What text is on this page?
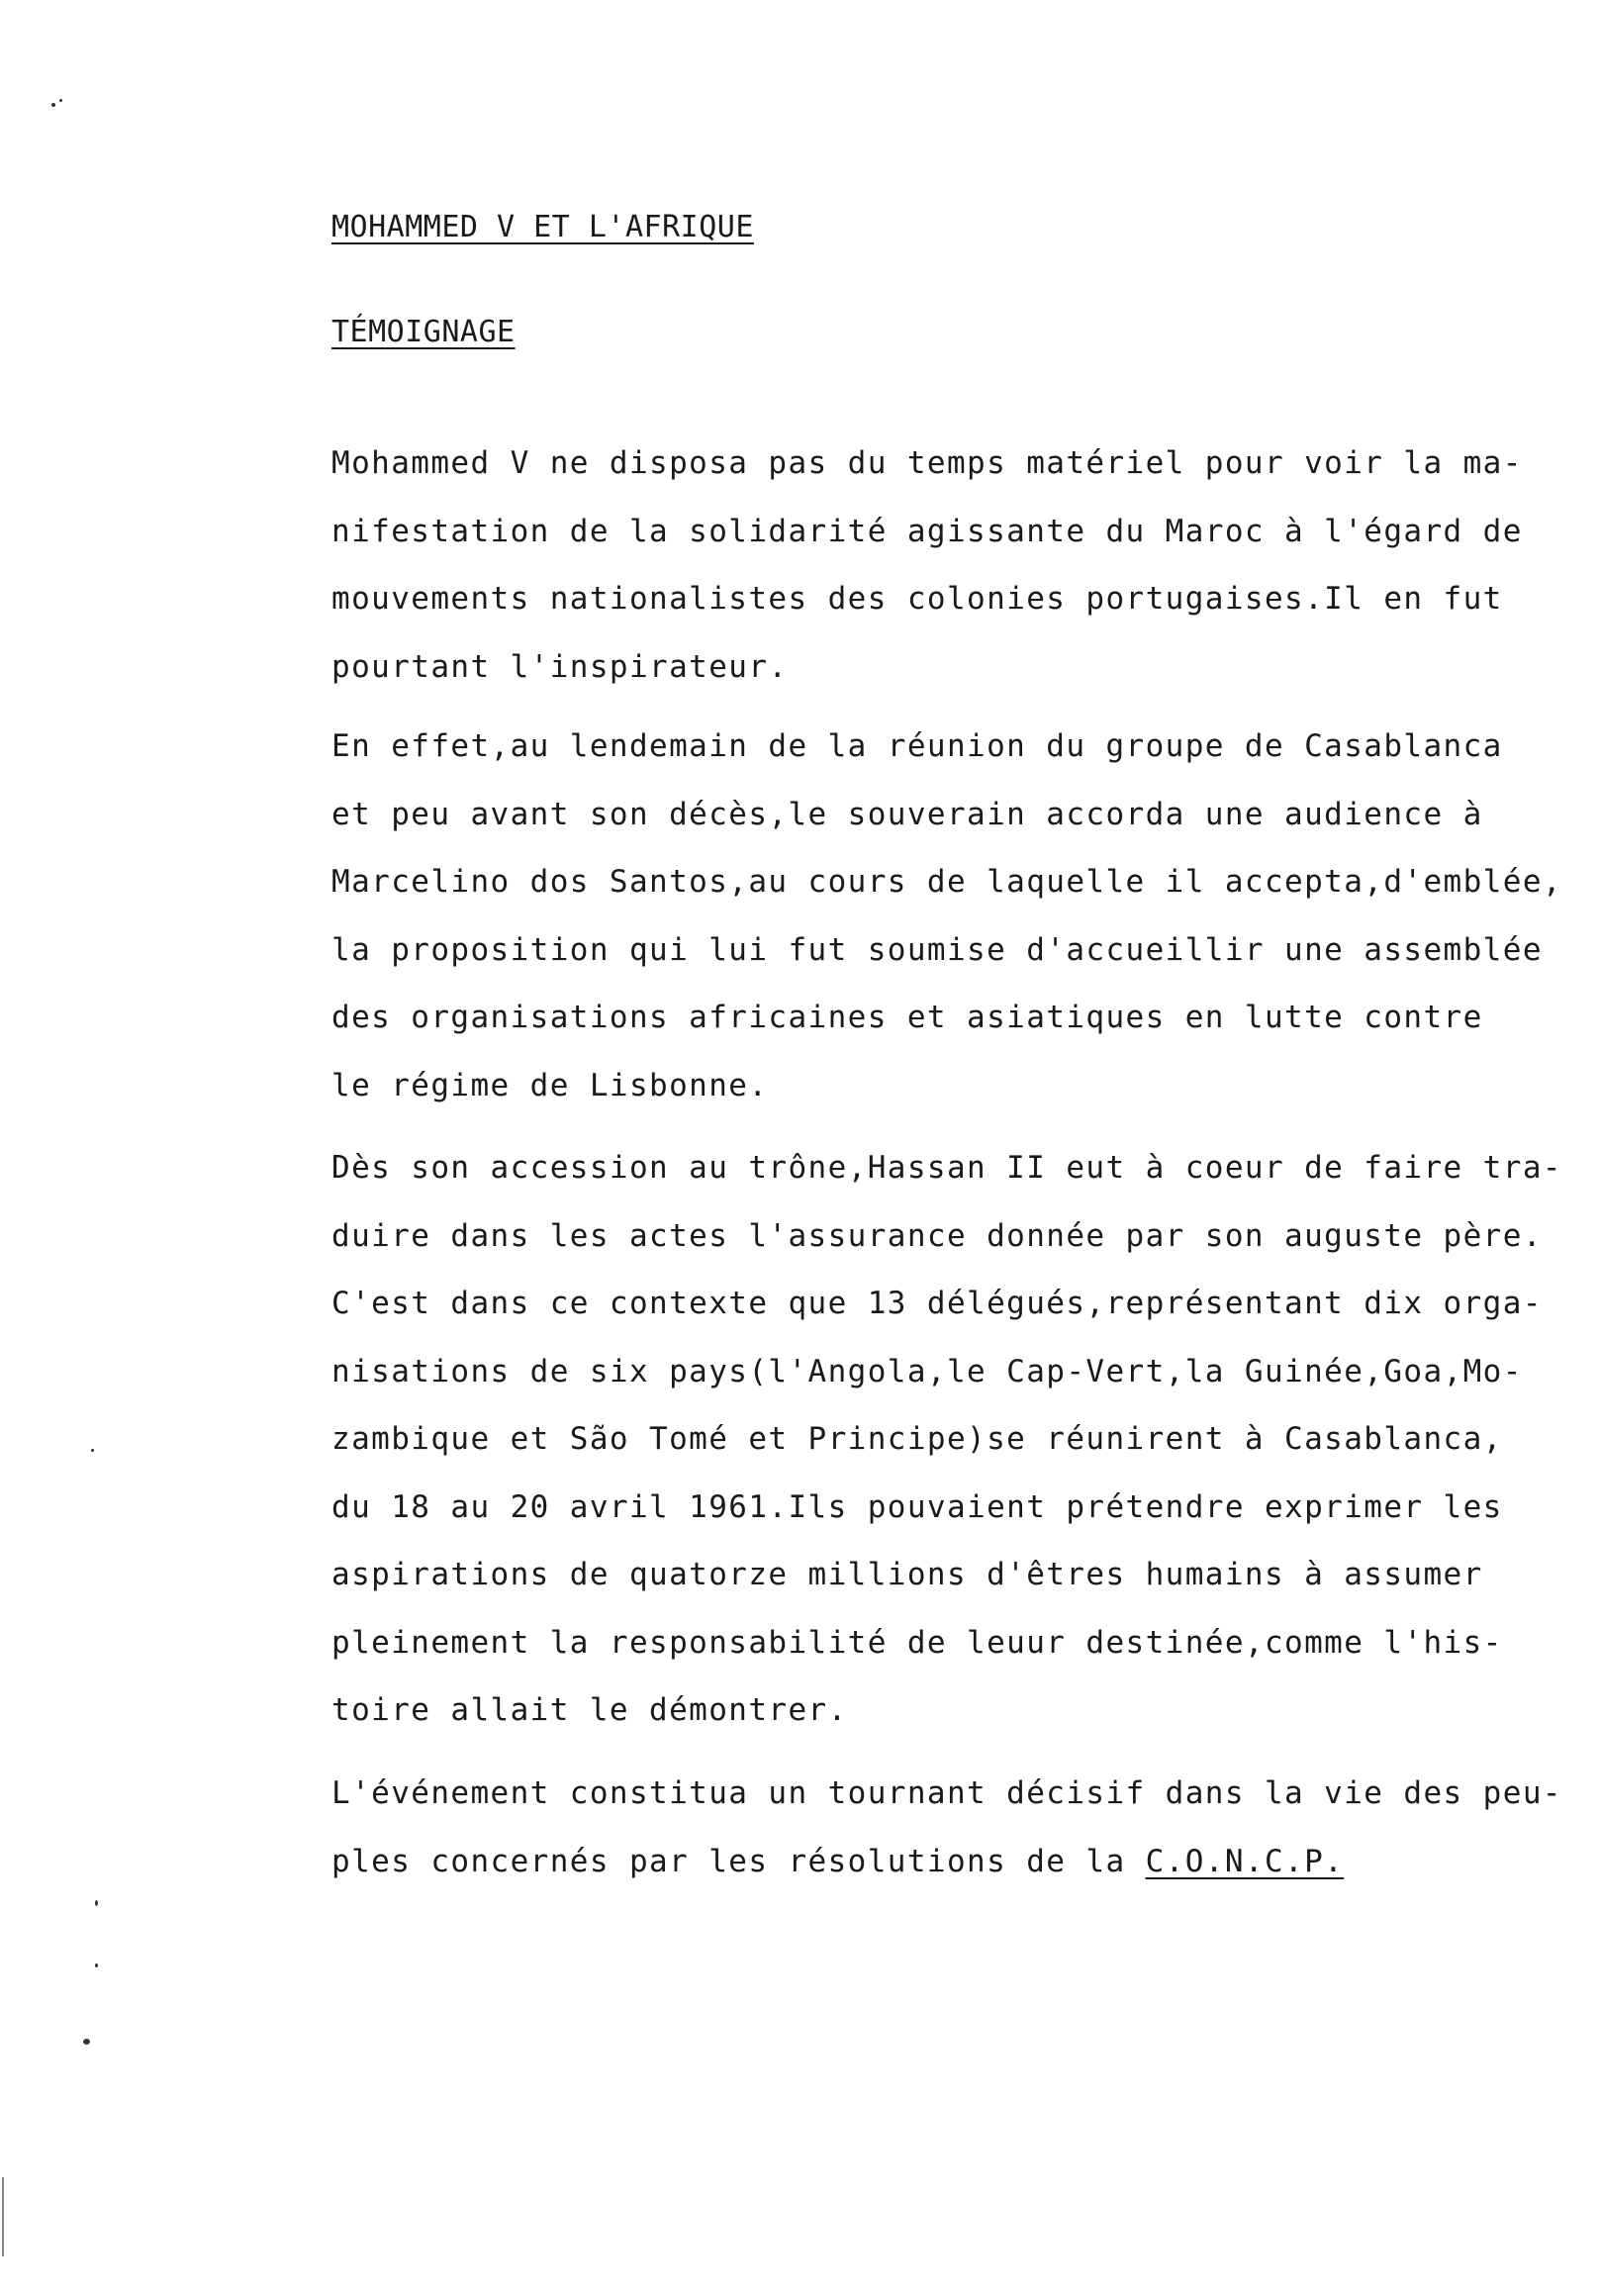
MOHAMMED V ET L'AFRIQUE
TÉMOIGNAGE
Mohammed V ne disposa pas du temps matériel pour voir la ma-
nifestation de la solidarité agissante du Maroc à l'égard de
mouvements nationalistes des colonies portugaises.Il en fut
pourtant l'inspirateur.
En effet,au lendemain de la réunion du groupe de Casablanca
et peu avant son décès,le souverain accorda une audience à
Marcelino dos Santos,au cours de laquelle il accepta,d'emblée,
la proposition qui lui fut soumise d'accueillir une assemblée
des organisations africaines et asiatiques en lutte contre
le régime de Lisbonne.
Dès son accession au trône,Hassan II eut à coeur de faire tra-
duire dans les actes l'assurance donnée par son auguste père.
C'est dans ce contexte que 13 délégués,représentant dix orga-
nisations de six pays(l'Angola,le Cap-Vert,la Guinée,Goa,Mo-
zambique et São Tomé et Principe)se réunirent à Casablanca,
du 18 au 20 avril 1961.Ils pouvaient prétendre exprimer les
aspirations de quatorze millions d'êtres humains à assumer
pleinement la responsabilité de leuur destinée,comme l'his-
toire allait le démontrer.
L'événement constitua un tournant décisif dans la vie des peu-
ples concernés par les résolutions de la C.O.N.C.P.
